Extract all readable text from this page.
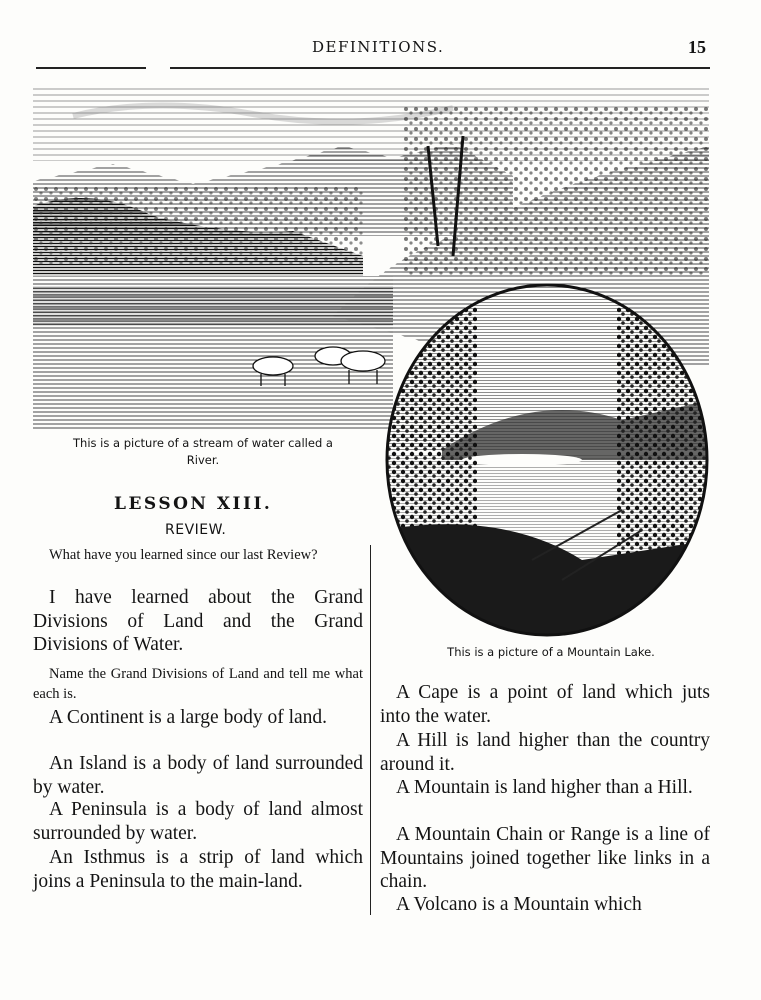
DEFINITIONS.	15
This is a picture of a stream of water called a River.
This is a picture of a Mountain Lake.
LESSON XIII.
REVIEW.
What have you learned since our last Review?
I have learned about the Grand Divisions of Land and the Grand Divisions of Water.
Name the Grand Divisions of Land and tell me what each is.
A Continent is a large body of land.
An Island is a body of land surrounded by water.
A Peninsula is a body of land almost surrounded by water.
An Isthmus is a strip of land which joins a Peninsula to the main-land.
A Cape is a point of land which juts into the water.
A Hill is land higher than the country around it.
A Mountain is land higher than a Hill.
A Mountain Chain or Range is a line of Mountains joined together like links in a chain.
A Volcano is a Mountain which
